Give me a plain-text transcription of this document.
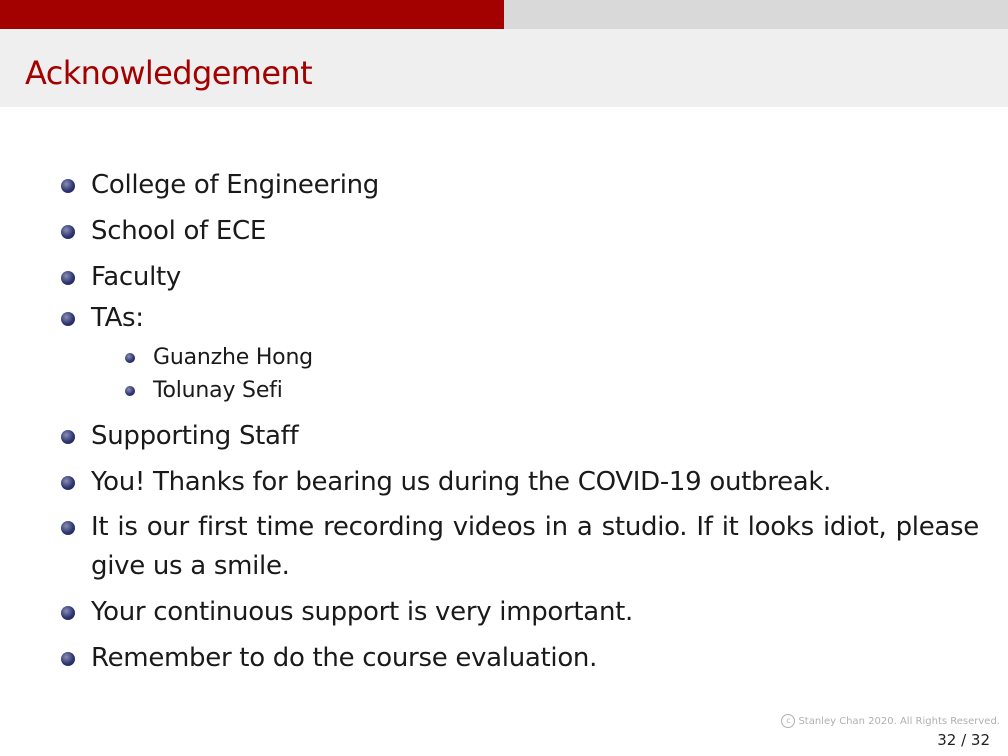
Acknowledgement

College of Engineering

School of ECE

Faculty

TAs:

Guanzhe Hong

Tolunay Sefi

Supporting Staff

You! Thanks for bearing us during the COVID-19 outbreak.

It is our first time recording videos in a studio. If it looks idiot, please give us a smile.

Your continuous support is very important.

Remember to do the course evaluation.

c Stanley Chan 2020. All Rights Reserved.
32 / 32
